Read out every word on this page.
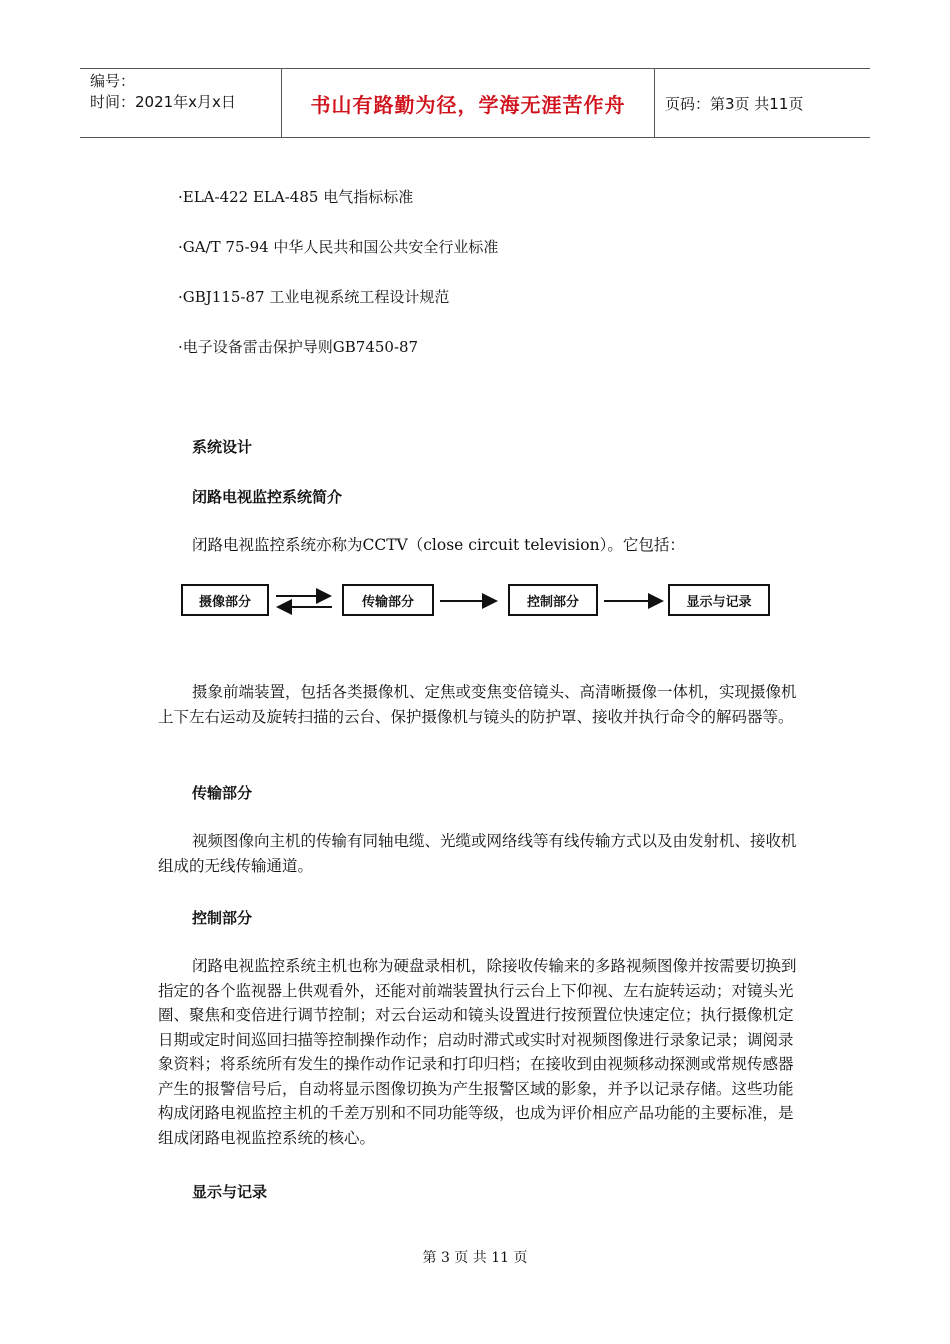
编号：
时间：2021年x月x日	书山有路勤为径，学海无涯苦作舟	页码：第3页 共11页
·ELA-422 ELA-485 电气指标标准
·GA/T 75-94 中华人民共和国公共安全行业标准
·GBJ115-87 工业电视系统工程设计规范
·电子设备雷击保护导则GB7450-87
系统设计
闭路电视监控系统简介

闭路电视监控系统亦称为CCTV（close circuit television）。它包括：

摄像部分	传输部分	控制部分	显示与记录

摄象前端装置，包括各类摄像机、定焦或变焦变倍镜头、高清晰摄像一体机，实现摄像机上下左右运动及旋转扫描的云台、保护摄像机与镜头的防护罩、接收并执行命令的解码器等。

传输部分

视频图像向主机的传输有同轴电缆、光缆或网络线等有线传输方式以及由发射机、接收机组成的无线传输通道。

控制部分

闭路电视监控系统主机也称为硬盘录相机，除接收传输来的多路视频图像并按需要切换到指定的各个监视器上供观看外，还能对前端装置执行云台上下仰视、左右旋转运动；对镜头光圈、聚焦和变倍进行调节控制；对云台运动和镜头设置进行按预置位快速定位；执行摄像机定日期或定时间巡回扫描等控制操作动作；启动时滞式或实时对视频图像进行录象记录；调阅录象资料；将系统所有发生的操作动作记录和打印归档；在接收到由视频移动探测或常规传感器产生的报警信号后，自动将显示图像切换为产生报警区域的影象，并予以记录存储。这些功能构成闭路电视监控主机的千差万别和不同功能等级，也成为评价相应产品功能的主要标准，是组成闭路电视监控系统的核心。

显示与记录
第 3 页 共 11 页
